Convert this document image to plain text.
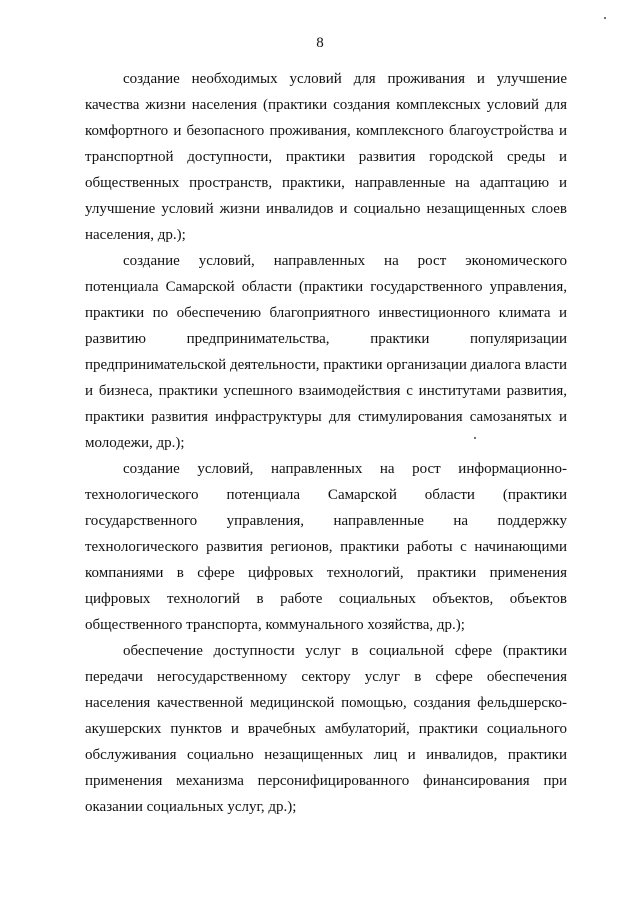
8
создание необходимых условий для проживания и улучшение
качества жизни населения (практики создания комплексных условий для
комфортного и безопасного проживания, комплексного благоустройства и
транспортной доступности, практики развития городской среды и
общественных пространств, практики, направленные на адаптацию и
улучшение условий жизни инвалидов и социально незащищенных слоев
населения, др.);
создание условий, направленных на рост экономического
потенциала Самарской области (практики государственного управления,
практики по обеспечению благоприятного инвестиционного климата и
развитию предпринимательства, практики популяризации
предпринимательской деятельности, практики организации диалога власти
и бизнеса, практики успешного взаимодействия с институтами развития,
практики развития инфраструктуры для стимулирования самозанятых и
молодежи, др.);
создание условий, направленных на рост информационно-
технологического потенциала Самарской области (практики
государственного управления, направленные на поддержку
технологического развития регионов, практики работы с начинающими
компаниями в сфере цифровых технологий, практики применения
цифровых технологий в работе социальных объектов, объектов
общественного транспорта, коммунального хозяйства, др.);
обеспечение доступности услуг в социальной сфере (практики
передачи негосударственному сектору услуг в сфере обеспечения
населения качественной медицинской помощью, создания фельдшерско-
акушерских пунктов и врачебных амбулаторий, практики социального
обслуживания социально незащищенных лиц и инвалидов, практики
применения механизма персонифицированного финансирования при
оказании социальных услуг, др.);
